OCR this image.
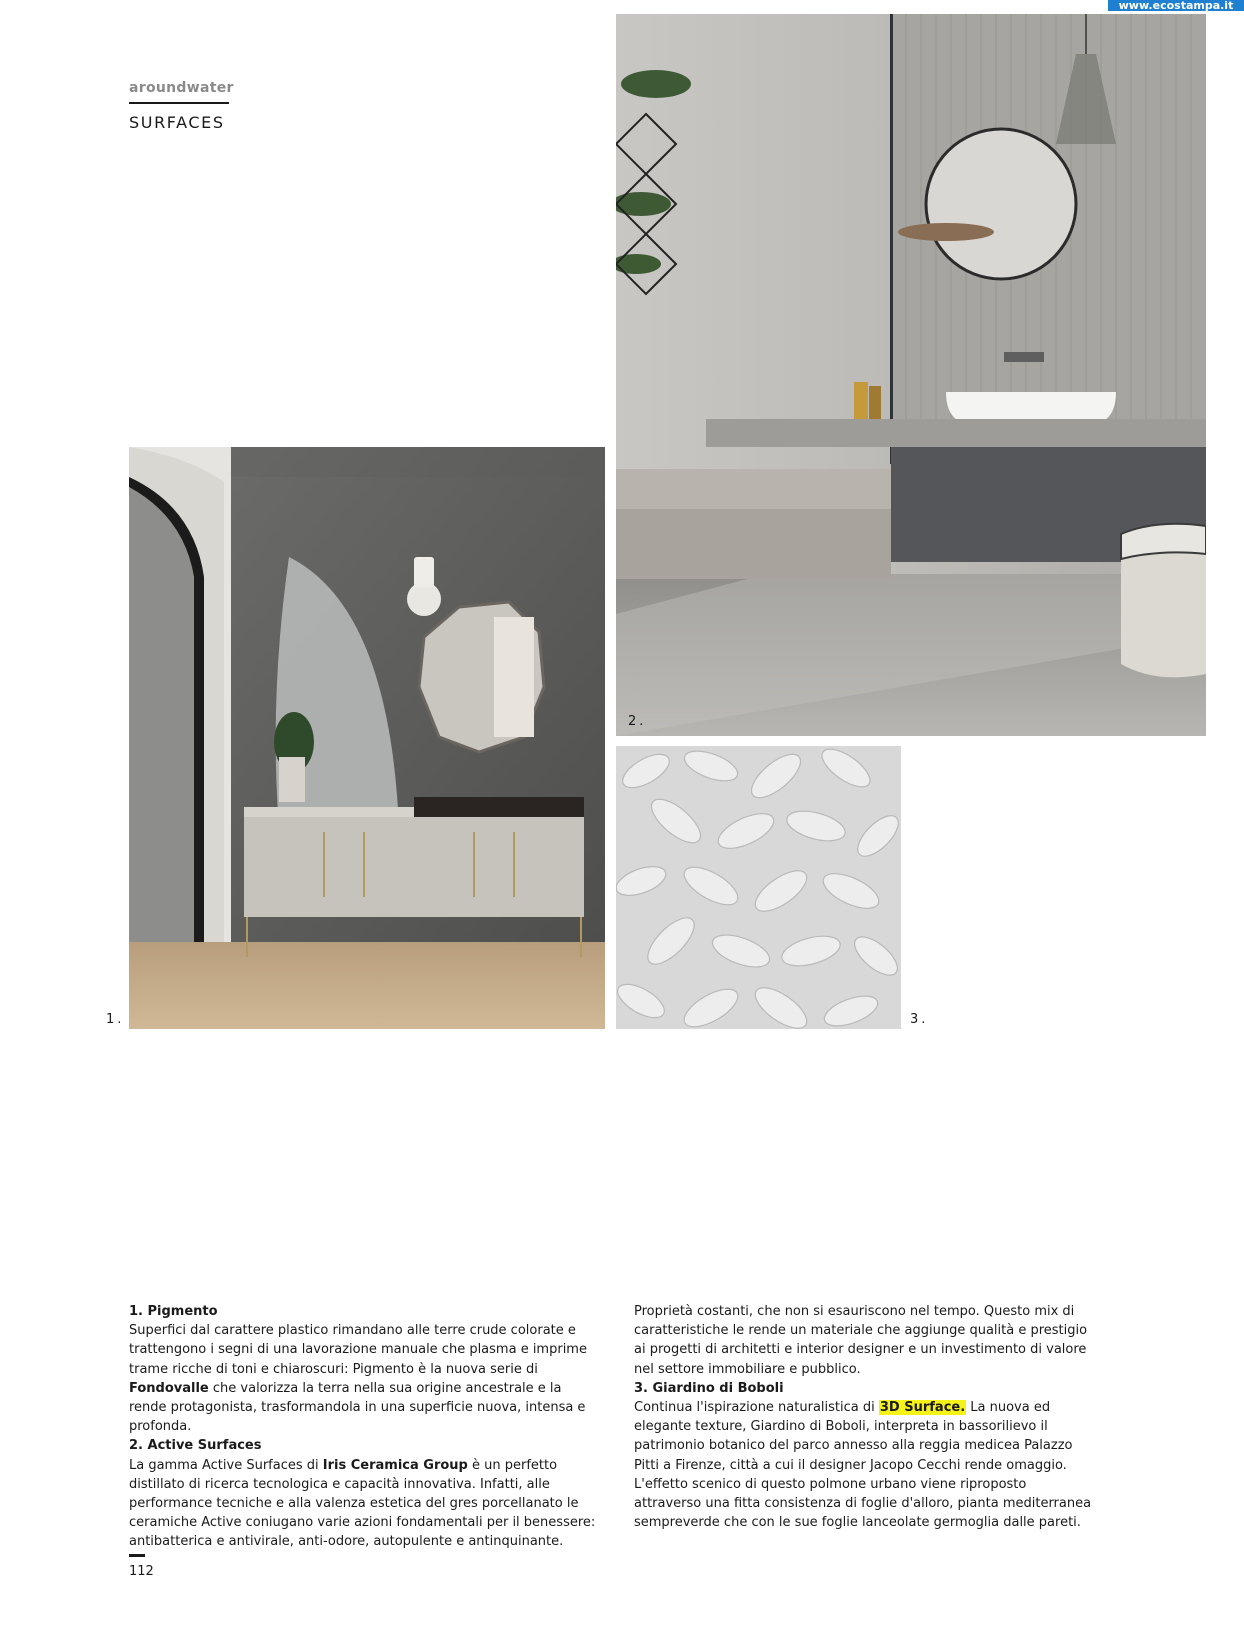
www.ecostampa.it
aroundwater
SURFACES
2.
1.	3.

1. Pigmento

Superfici dal carattere plastico rimandano alle terre crude colorate e trattengono i segni di una lavorazione manuale che plasma e imprime trame ricche di toni e chiaroscuri: Pigmento è la nuova serie di Fondovalle che valorizza la terra nella sua origine ancestrale e la rende protagonista, trasformandola in una superficie nuova, intensa e profonda.

2. Active Surfaces

La gamma Active Surfaces di Iris Ceramica Group è un perfetto distillato di ricerca tecnologica e capacità innovativa. Infatti, alle performance tecniche e alla valenza estetica del gres porcellanato le ceramiche Active coniugano varie azioni fondamentali per il benessere: antibatterica e antivirale, anti-odore, autopulente e antinquinante.

Proprietà costanti, che non si esauriscono nel tempo. Questo mix di caratteristiche le rende un materiale che aggiunge qualità e prestigio ai progetti di architetti e interior designer e un investimento di valore nel settore immobiliare e pubblico.

3. Giardino di Boboli

Continua l'ispirazione naturalistica di 3D Surface. La nuova ed elegante texture, Giardino di Boboli, interpreta in bassorilievo il patrimonio botanico del parco annesso alla reggia medicea Palazzo Pitti a Firenze, città a cui il designer Jacopo Cecchi rende omaggio. L'effetto scenico di questo polmone urbano viene riproposto attraverso una fitta consistenza di foglie d'alloro, pianta mediterranea sempreverde che con le sue foglie lanceolate germoglia dalle pareti.

112
